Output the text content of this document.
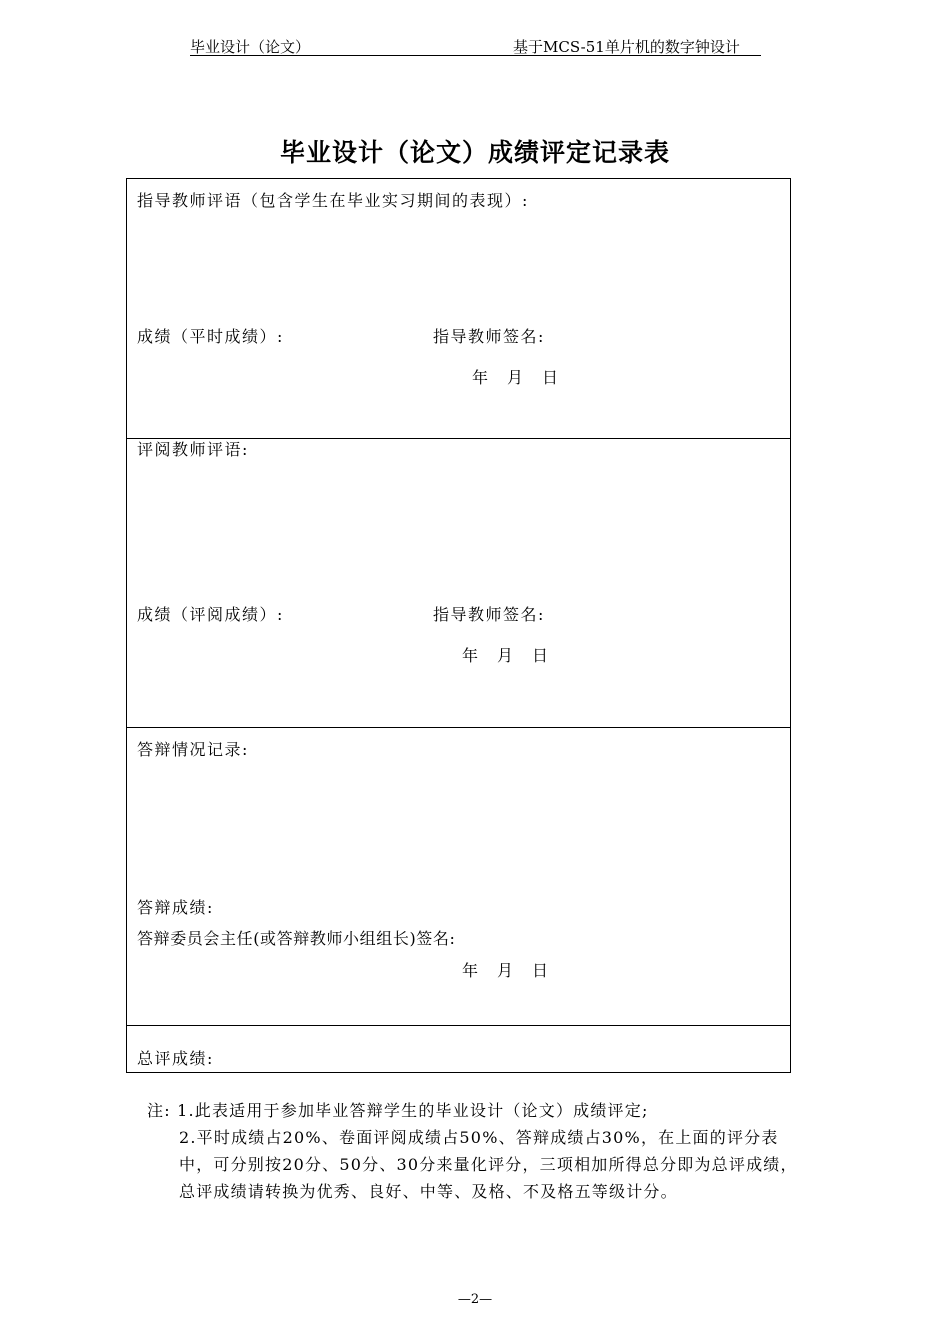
毕业设计（论文）	基于MCS-51单片机的数字钟设计
毕业设计（论文）成绩评定记录表
指导教师评语（包含学生在毕业实习期间的表现）:
成绩（平时成绩）:	指导教师签名:
年　月　日
评阅教师评语:
成绩（评阅成绩）:	指导教师签名:
年　月　日
答辩情况记录:
答辩成绩:
答辩委员会主任(或答辩教师小组组长)签名:
年　月　日
总评成绩:

注: 1.此表适用于参加毕业答辩学生的毕业设计（论文）成绩评定;

2.平时成绩占20%、卷面评阅成绩占50%、答辩成绩占30%，在上面的评分表中，可分别按20分、50分、30分来量化评分，三项相加所得总分即为总评成绩，总评成绩请转换为优秀、良好、中等、及格、不及格五等级计分。

—2—
